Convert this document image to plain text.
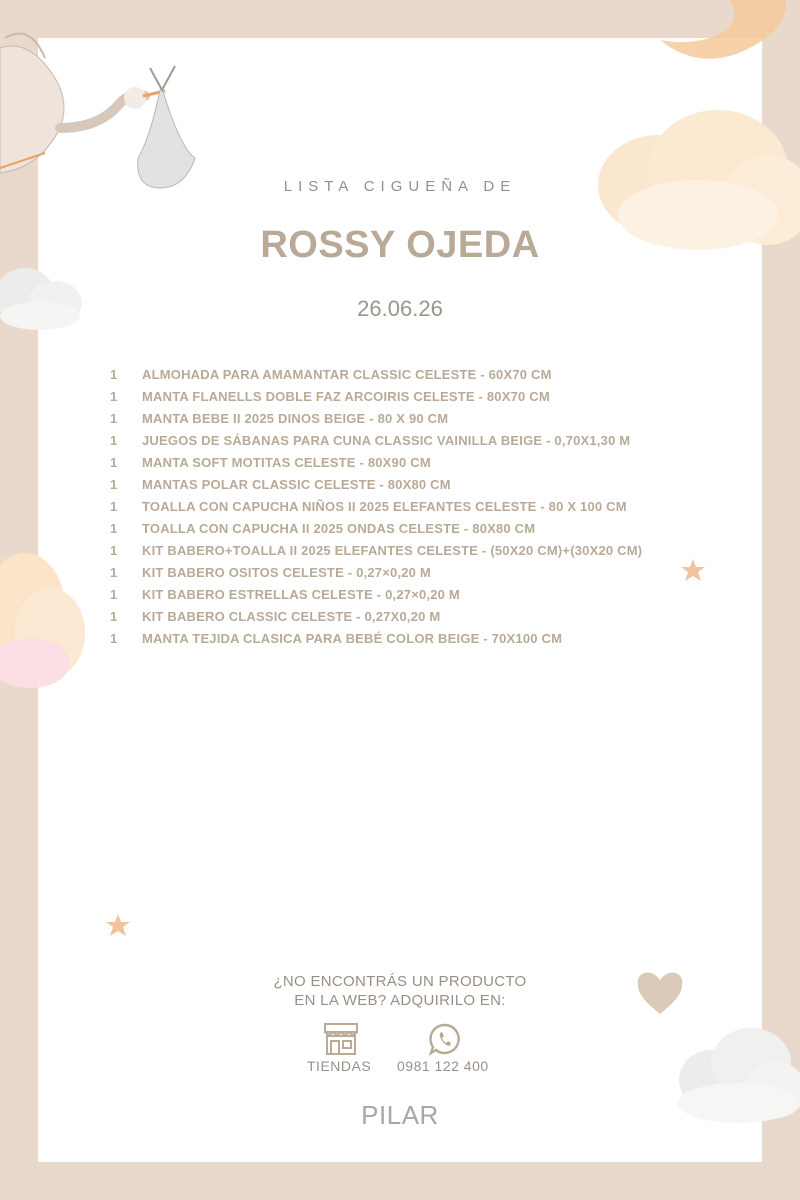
LISTA CIGUEÑA DE
ROSSY OJEDA
26.06.26
1	ALMOHADA PARA AMAMANTAR CLASSIC CELESTE - 60X70 CM
1	MANTA FLANELLS DOBLE FAZ ARCOIRIS CELESTE - 80X70 CM
1	MANTA BEBE II 2025 DINOS BEIGE - 80 X 90 CM
1	JUEGOS DE SÁBANAS PARA CUNA CLASSIC VAINILLA BEIGE - 0,70X1,30 M
1	MANTA SOFT MOTITAS CELESTE - 80X90 CM
1	MANTAS POLAR CLASSIC CELESTE - 80X80 CM
1	TOALLA CON CAPUCHA NIÑOS II 2025 ELEFANTES CELESTE - 80 X 100 CM
1	TOALLA CON CAPUCHA II 2025 ONDAS CELESTE - 80X80 CM
1	KIT BABERO+TOALLA II 2025 ELEFANTES CELESTE - (50X20 CM)+(30X20 CM)
1	KIT BABERO OSITOS CELESTE - 0,27×0,20 M
1	KIT BABERO ESTRELLAS CELESTE - 0,27×0,20 M
1	KIT BABERO CLASSIC CELESTE - 0,27X0,20 M
1	MANTA TEJIDA CLASICA PARA BEBÉ COLOR BEIGE - 70X100 CM
¿NO ENCONTRÁS UN PRODUCTO
EN LA WEB? ADQUIRILO EN:
TIENDAS 0981 122 400
PILAR
